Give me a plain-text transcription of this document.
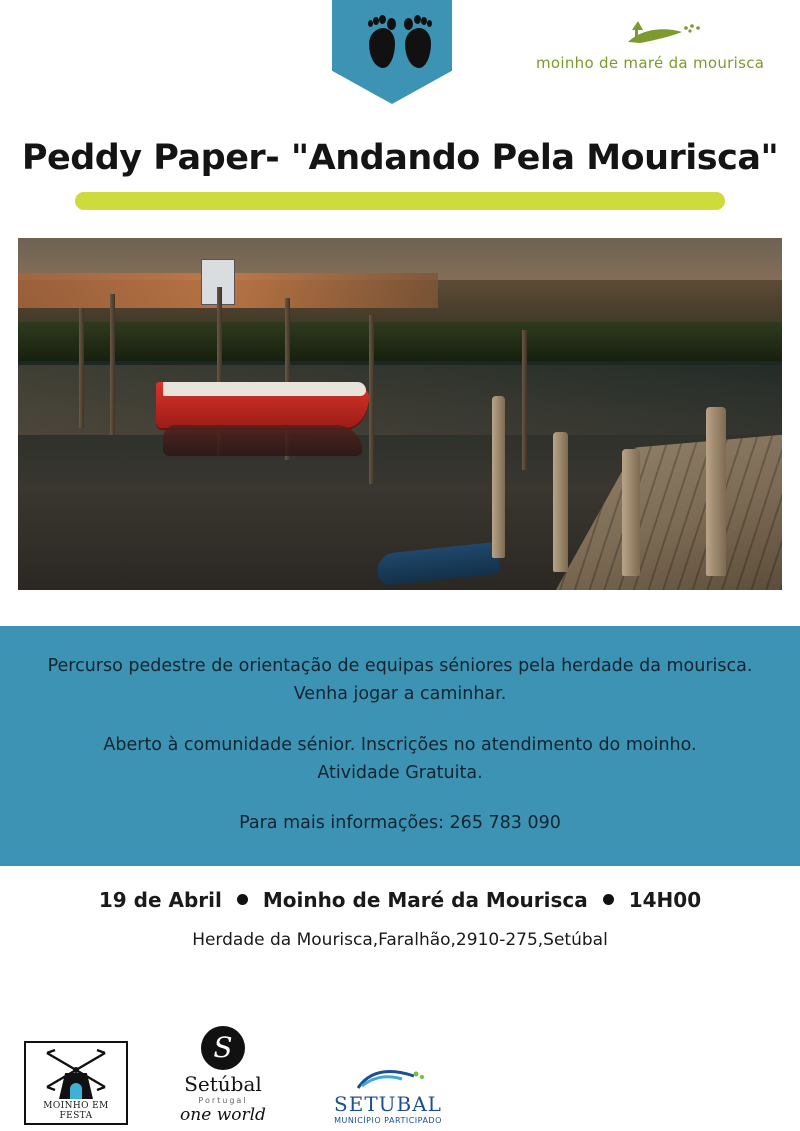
moinho de maré da mourisca
Peddy Paper- "Andando Pela Mourisca"

Percurso pedestre de orientação de equipas séniores pela herdade da mourisca.

Venha jogar a caminhar.

Aberto à comunidade sénior. Inscrições no atendimento do moinho.

Atividade Gratuita.

Para mais informações: 265 783 090

19 de Abril Moinho de Maré da Mourisca 14H00
Herdade da Mourisca,Faralhão,2910-275,Setúbal
MOINHO EM FESTA
S
Setúbal
Portugal
one world	SETUBAL
MUNICÍPIO PARTICIPADO
